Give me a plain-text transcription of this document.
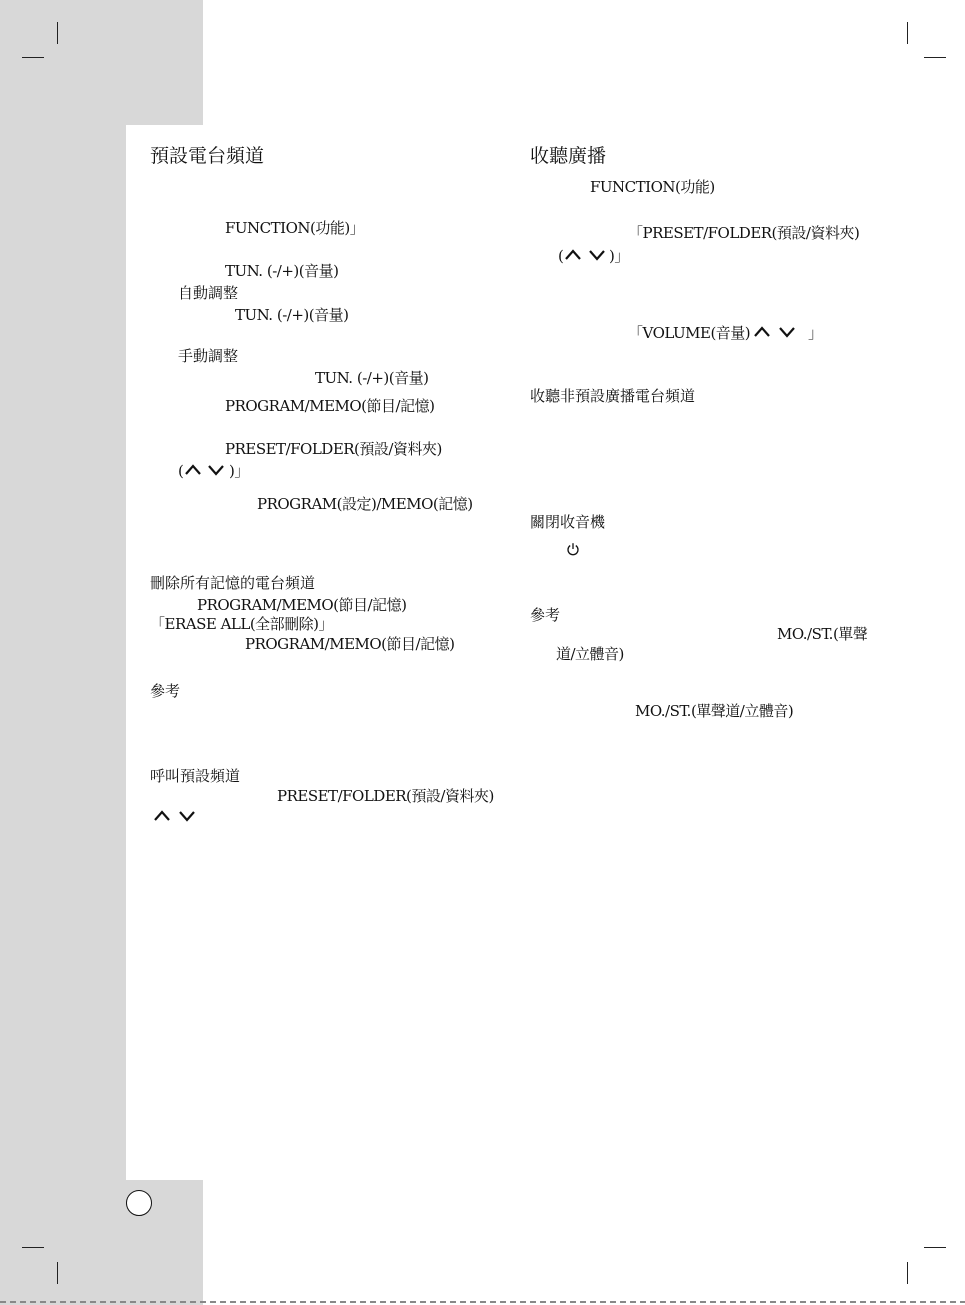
預設電台頻道
FUNCTION(功能)」
TUN. (-/+)(音量)
自動調整
TUN. (-/+)(音量)
手動調整
TUN. (-/+)(音量)
PROGRAM/MEMO(節目/記憶)
PRESET/FOLDER(預設/資料夾)
(	)」
PROGRAM(設定)/MEMO(記憶)
刪除所有記憶的電台頻道
PROGRAM/MEMO(節目/記憶)
「ERASE ALL(全部刪除)」
PROGRAM/MEMO(節目/記憶)
參考
呼叫預設頻道
PRESET/FOLDER(預設/資料夾)
收聽廣播
FUNCTION(功能)
「PRESET/FOLDER(預設/資料夾)
(	)」
「VOLUME(音量)	」
收聽非預設廣播電台頻道
關閉收音機
參考
MO./ST.(單聲
道/立體音)
MO./ST.(單聲道/立體音)
